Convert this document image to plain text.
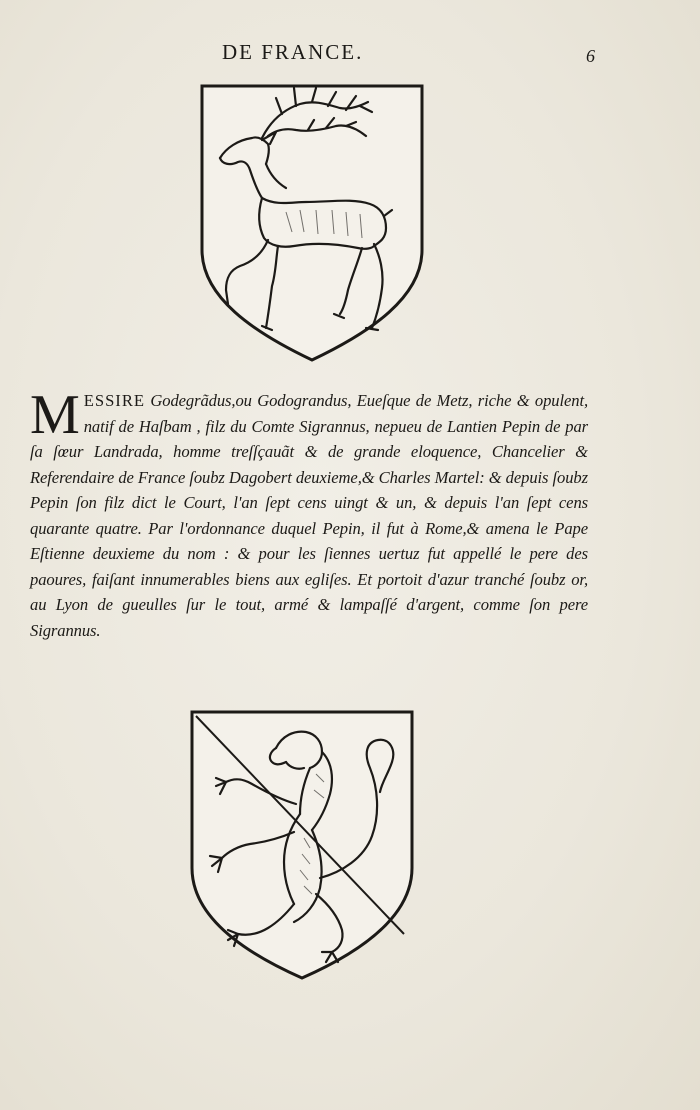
DE FRANCE.	6
MESSIRE Godegrãdus,ou Godograndus, Eueſque de Metz, riche & opulent, natif de Haſbam , filz du Comte Sigrannus, nepueu de Lantien Pepin de par ſa ſœur Landrada, homme treſſçauãt & de grande eloquence, Chancelier & Referendaire de France ſoubz Dagobert deuxieme,& Charles Martel: & depuis ſoubz Pepin ſon filz dict le Court, l'an ſept cens uingt & un, & depuis l'an ſept cens quarante quatre. Par l'ordonnance duquel Pepin, il fut à Rome,& amena le Pape Eſtienne deuxieme du nom : & pour les ſiennes uertuz fut appellé le pere des paoures, faiſant innumerables biens aux egliſes. Et portoit d'azur tranché ſoubz or, au Lyon de gueulles ſur le tout, armé & lampaſſé d'argent, comme ſon pere Sigrannus.
